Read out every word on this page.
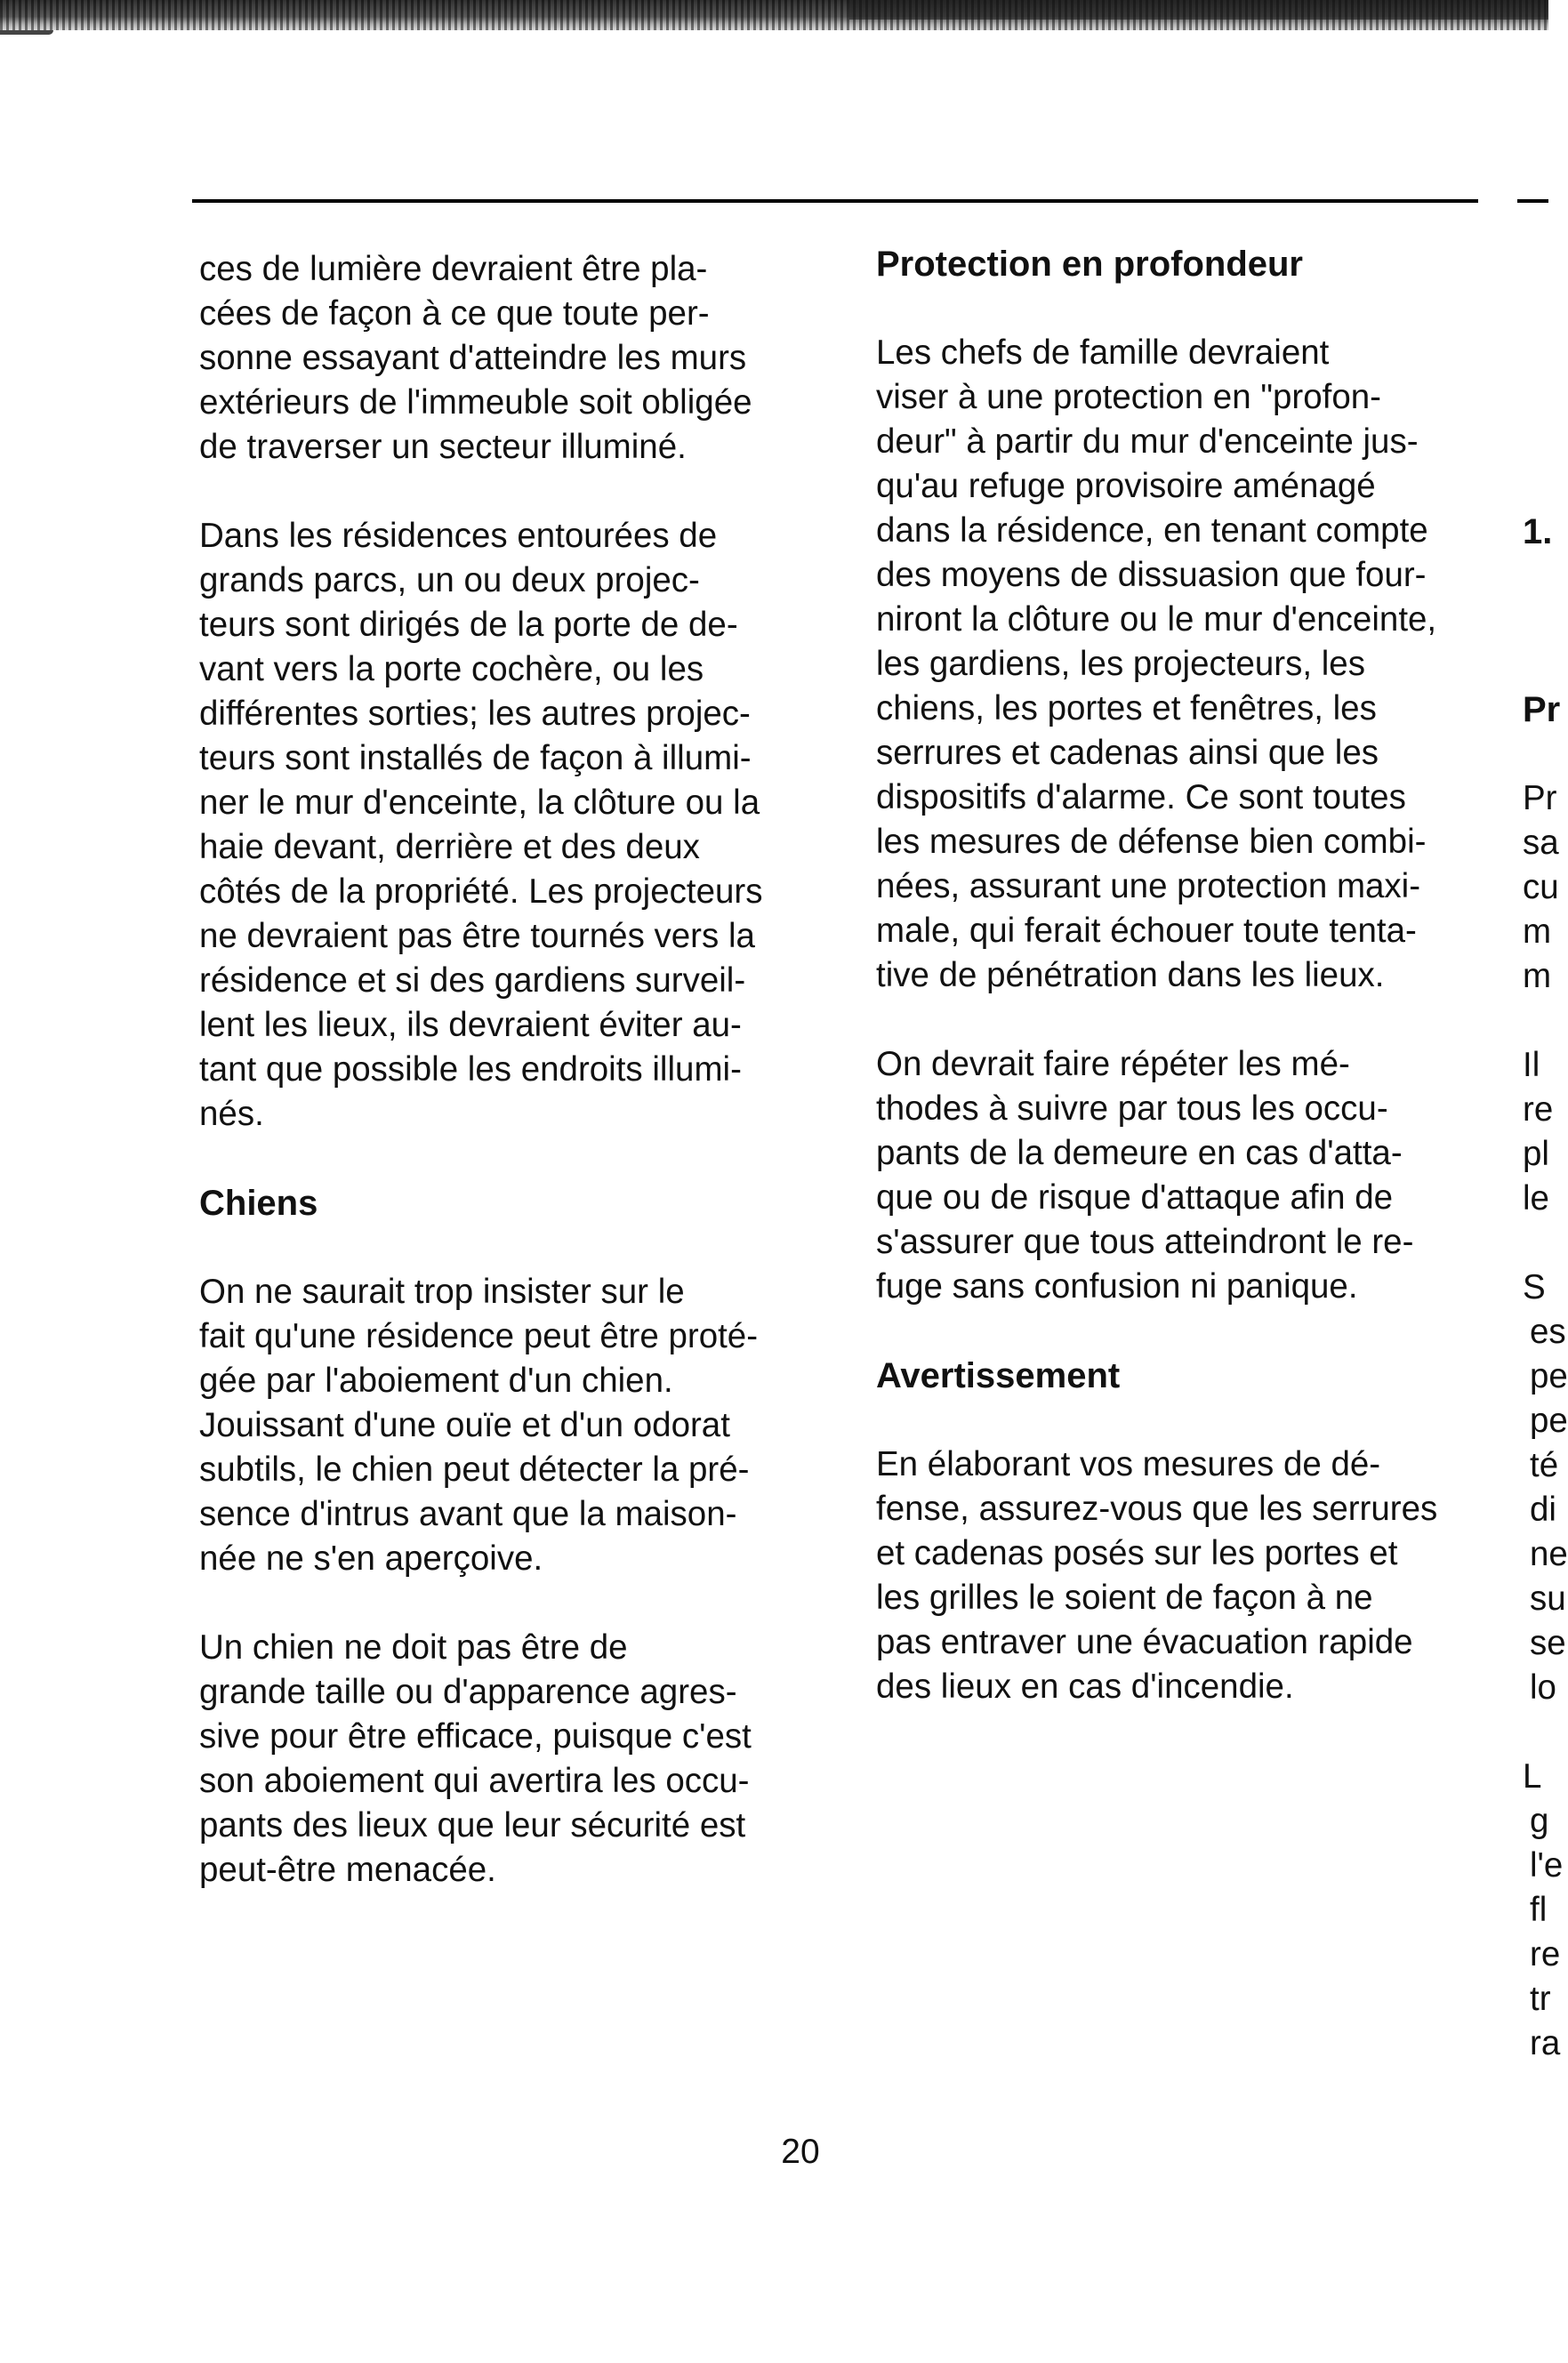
ces de lumière devraient être pla-
cées de façon à ce que toute per-
sonne essayant d'atteindre les murs
extérieurs de l'immeuble soit obligée
de traverser un secteur illuminé.

Dans les résidences entourées de
grands parcs, un ou deux projec-
teurs sont dirigés de la porte de de-
vant vers la porte cochère, ou les
différentes sorties; les autres projec-
teurs sont installés de façon à illumi-
ner le mur d'enceinte, la clôture ou la
haie devant, derrière et des deux
côtés de la propriété. Les projecteurs
ne devraient pas être tournés vers la
résidence et si des gardiens surveil-
lent les lieux, ils devraient éviter au-
tant que possible les endroits illumi-
nés.

Chiens

On ne saurait trop insister sur le
fait qu'une résidence peut être proté-
gée par l'aboiement d'un chien.
Jouissant d'une ouïe et d'un odorat
subtils, le chien peut détecter la pré-
sence d'intrus avant que la maison-
née ne s'en aperçoive.

Un chien ne doit pas être de
grande taille ou d'apparence agres-
sive pour être efficace, puisque c'est
son aboiement qui avertira les occu-
pants des lieux que leur sécurité est
peut-être menacée.

Protection en profondeur

Les chefs de famille devraient
viser à une protection en "profon-
deur" à partir du mur d'enceinte jus-
qu'au refuge provisoire aménagé
dans la résidence, en tenant compte
des moyens de dissuasion que four-
niront la clôture ou le mur d'enceinte,
les gardiens, les projecteurs, les
chiens, les portes et fenêtres, les
serrures et cadenas ainsi que les
dispositifs d'alarme. Ce sont toutes
les mesures de défense bien combi-
nées, assurant une protection maxi-
male, qui ferait échouer toute tenta-
tive de pénétration dans les lieux.

On devrait faire répéter les mé-
thodes à suivre par tous les occu-
pants de la demeure en cas d'atta-
que ou de risque d'attaque afin de
s'assurer que tous atteindront le re-
fuge sans confusion ni panique.

Avertissement

En élaborant vos mesures de dé-
fense, assurez-vous que les serrures
et cadenas posés sur les portes et
les grilles le soient de façon à ne
pas entraver une évacuation rapide
des lieux en cas d'incendie.

1.
Pr
Pr
sa
cu
m
m
Il
re
pl
le
S
es
pe
pe
té
di
ne
su
se
lo
L
g
l'e
fl
re
tr
ra
20
